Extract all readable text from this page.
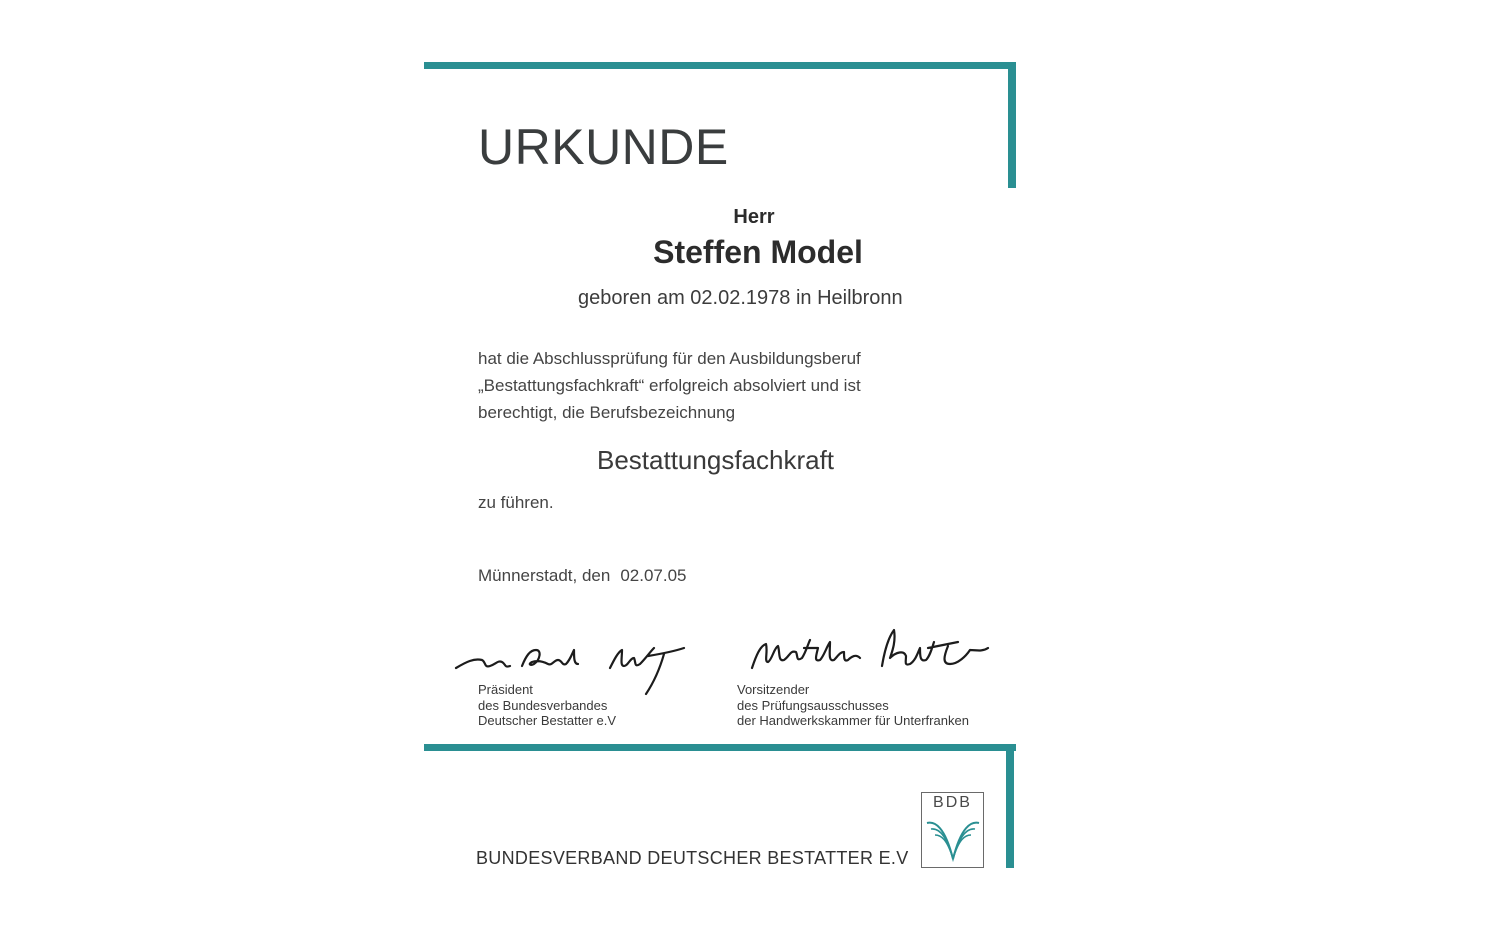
URKUNDE
Herr
Steffen Model
geboren am 02.02.1978 in Heilbronn
hat die Abschlussprüfung für den Ausbildungsberuf
„Bestattungsfachkraft“ erfolgreich absolviert und ist
berechtigt, die Berufsbezeichnung
Bestattungsfachkraft
zu führen.
Münnerstadt, den 02.07.05
Präsident
des Bundesverbandes
Deutscher Bestatter e.V
Vorsitzender
des Prüfungsausschusses
der Handwerkskammer für Unterfranken
BUNDESVERBAND DEUTSCHER BESTATTER E.V
BDB
